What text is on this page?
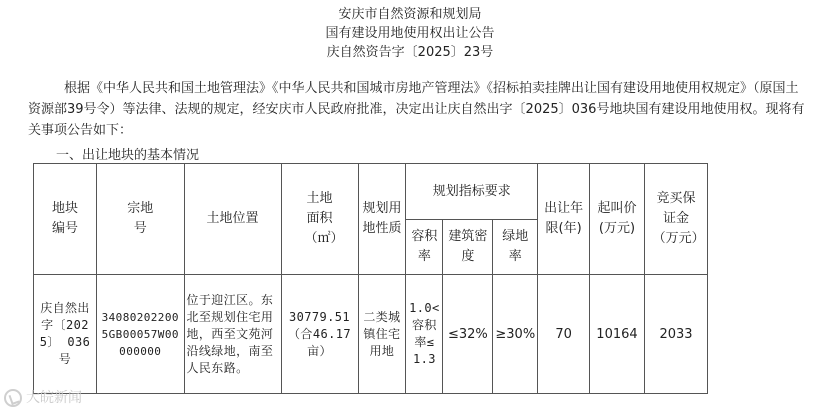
安庆市自然资源和规划局
国有建设用地使用权出让公告
庆自然资告字〔2025〕23号

根据《中华人民共和国土地管理法》《中华人民共和国城市房地产管理法》《招标拍卖挂牌出让国有建设用地使用权规定》（原国土资源部39号令）等法律、法规的规定，经安庆市人民政府批准，决定出让庆自然出字〔2025〕036号地块国有建设用地使用权。现将有关事项公告如下：

一、出让地块的基本情况
地块编号	宗地号	土地位置	土地面积（㎡）	规划用地性质	规划指标要求			出让年限(年)	起叫价(万元)	竞买保证金（万元）

					容积率	建筑密度	绿地率			

庆自然出字〔2025〕 036号	340802022005GB00057W00000000	位于迎江区。东北至规划住宅用地，西至文苑河沿线绿地，南至人民东路。	30779.51（合46.17亩）	二类城镇住宅用地	1.0<容积率≤1.3	≤32%	≥30%	70	10164	2033
大皖新闻
